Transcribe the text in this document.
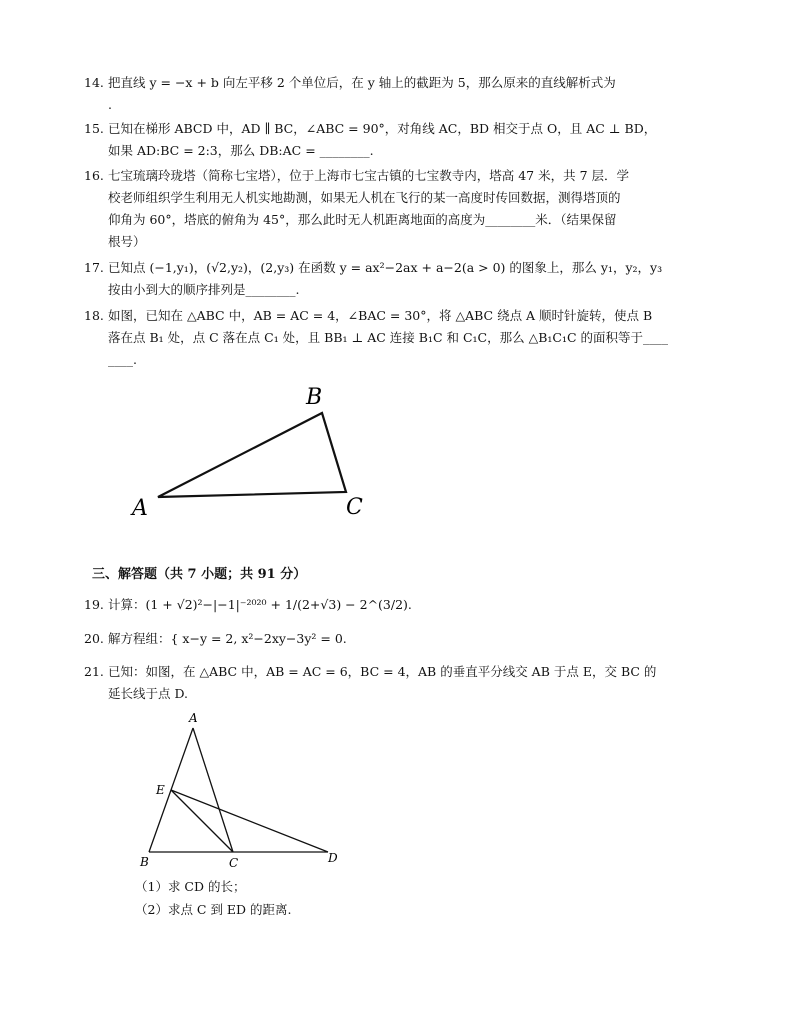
14. 把直线 y = −x + b 向左平移 2 个单位后，在 y 轴上的截距为 5，那么原来的直线解析式为
.
15. 已知在梯形 ABCD 中，AD ∥ BC，∠ABC = 90°，对角线 AC，BD 相交于点 O，且 AC ⊥ BD，
如果 AD:BC = 2:3，那么 DB:AC = ________.
16. 七宝琉璃玲珑塔（简称七宝塔），位于上海市七宝古镇的七宝教寺内，塔高 47 米，共 7 层．学
校老师组织学生利用无人机实地勘测，如果无人机在飞行的某一高度时传回数据，测得塔顶的
仰角为 60°，塔底的俯角为 45°，那么此时无人机距离地面的高度为________米．（结果保留
根号）
17. 已知点 (−1,y₁)，(√2,y₂)，(2,y₃) 在函数 y = ax²−2ax + a−2(a > 0) 的图象上，那么 y₁，y₂，y₃
按由小到大的顺序排列是________.
18. 如图，已知在 △ABC 中，AB = AC = 4，∠BAC = 30°，将 △ABC 绕点 A 顺时针旋转，使点 B
落在点 B₁ 处，点 C 落在点 C₁ 处，且 BB₁ ⊥ AC 连接 B₁C 和 C₁C，那么 △B₁C₁C 的面积等于____
____.
A
B
C
三、解答题（共 7 小题；共 91 分）
19. 计算：(1 + √2)²−|−1|⁻²⁰²⁰ + 1/(2+√3) − 2^(3/2).
20. 解方程组：{ x−y = 2, x²−2xy−3y² = 0.
21. 已知：如图，在 △ABC 中，AB = AC = 6，BC = 4，AB 的垂直平分线交 AB 于点 E，交 BC 的
延长线于点 D.
A
B	C	D
E
（1）求 CD 的长；
（2）求点 C 到 ED 的距离.
